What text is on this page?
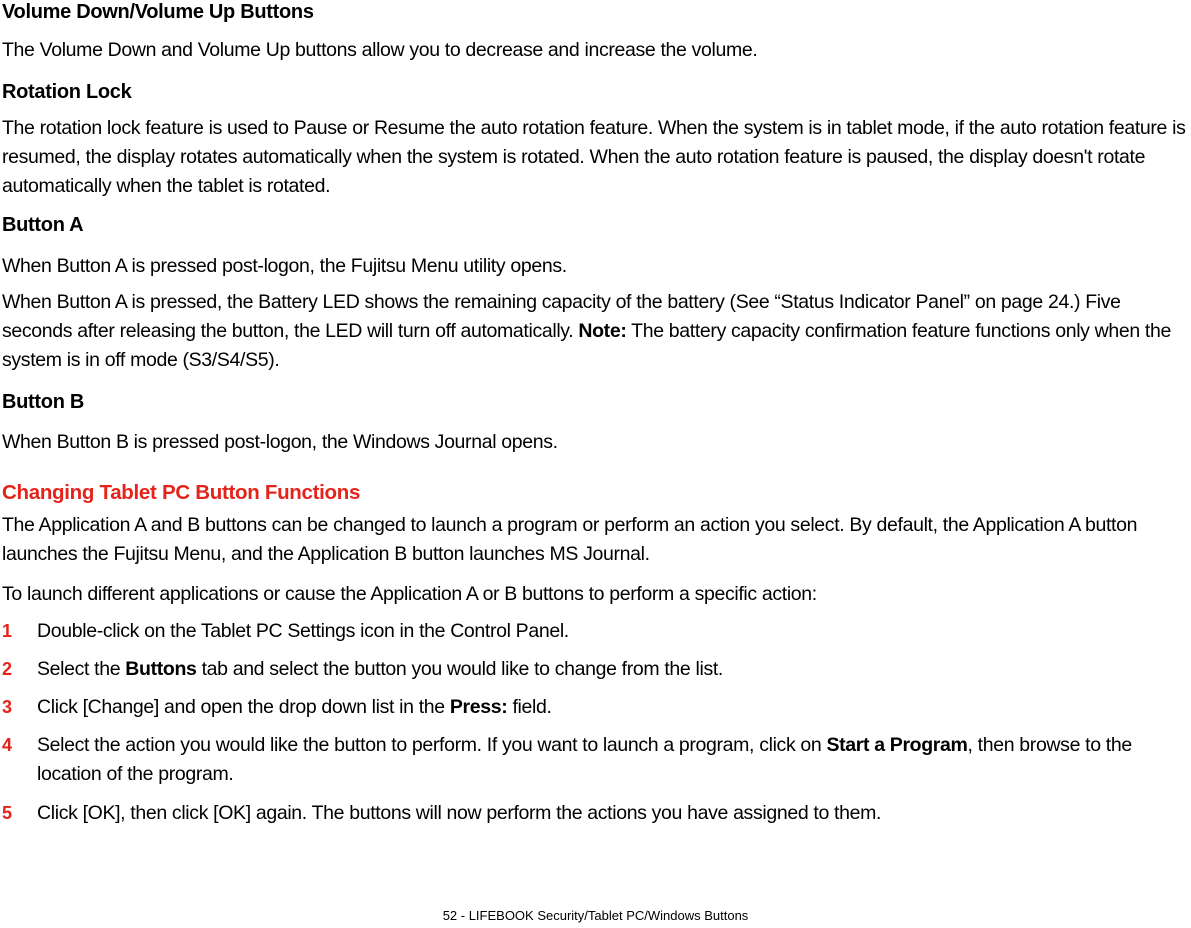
Volume Down/Volume Up Buttons
The Volume Down and Volume Up buttons allow you to decrease and increase the volume.
Rotation Lock
The rotation lock feature is used to Pause or Resume the auto rotation feature. When the system is in tablet mode, if the auto rotation feature is resumed, the display rotates automatically when the system is rotated. When the auto rotation feature is paused, the display doesn't rotate automatically when the tablet is rotated.
Button A
When Button A is pressed post-logon, the Fujitsu Menu utility opens.
When Button A is pressed, the Battery LED shows the remaining capacity of the battery (See “Status Indicator Panel” on page 24.) Five seconds after releasing the button, the LED will turn off automatically. Note: The battery capacity confirmation feature functions only when the system is in off mode (S3/S4/S5).
Button B
When Button B is pressed post-logon, the Windows Journal opens.
Changing Tablet PC Button Functions
The Application A and B buttons can be changed to launch a program or perform an action you select. By default, the Application A button launches the Fujitsu Menu, and the Application B button launches MS Journal.
To launch different applications or cause the Application A or B buttons to perform a specific action:
1 Double-click on the Tablet PC Settings icon in the Control Panel.
2 Select the Buttons tab and select the button you would like to change from the list.
3 Click [Change] and open the drop down list in the Press: field.
4 Select the action you would like the button to perform. If you want to launch a program, click on Start a Program, then browse to the location of the program.
5 Click [OK], then click [OK] again. The buttons will now perform the actions you have assigned to them.
52 - LIFEBOOK Security/Tablet PC/Windows Buttons
